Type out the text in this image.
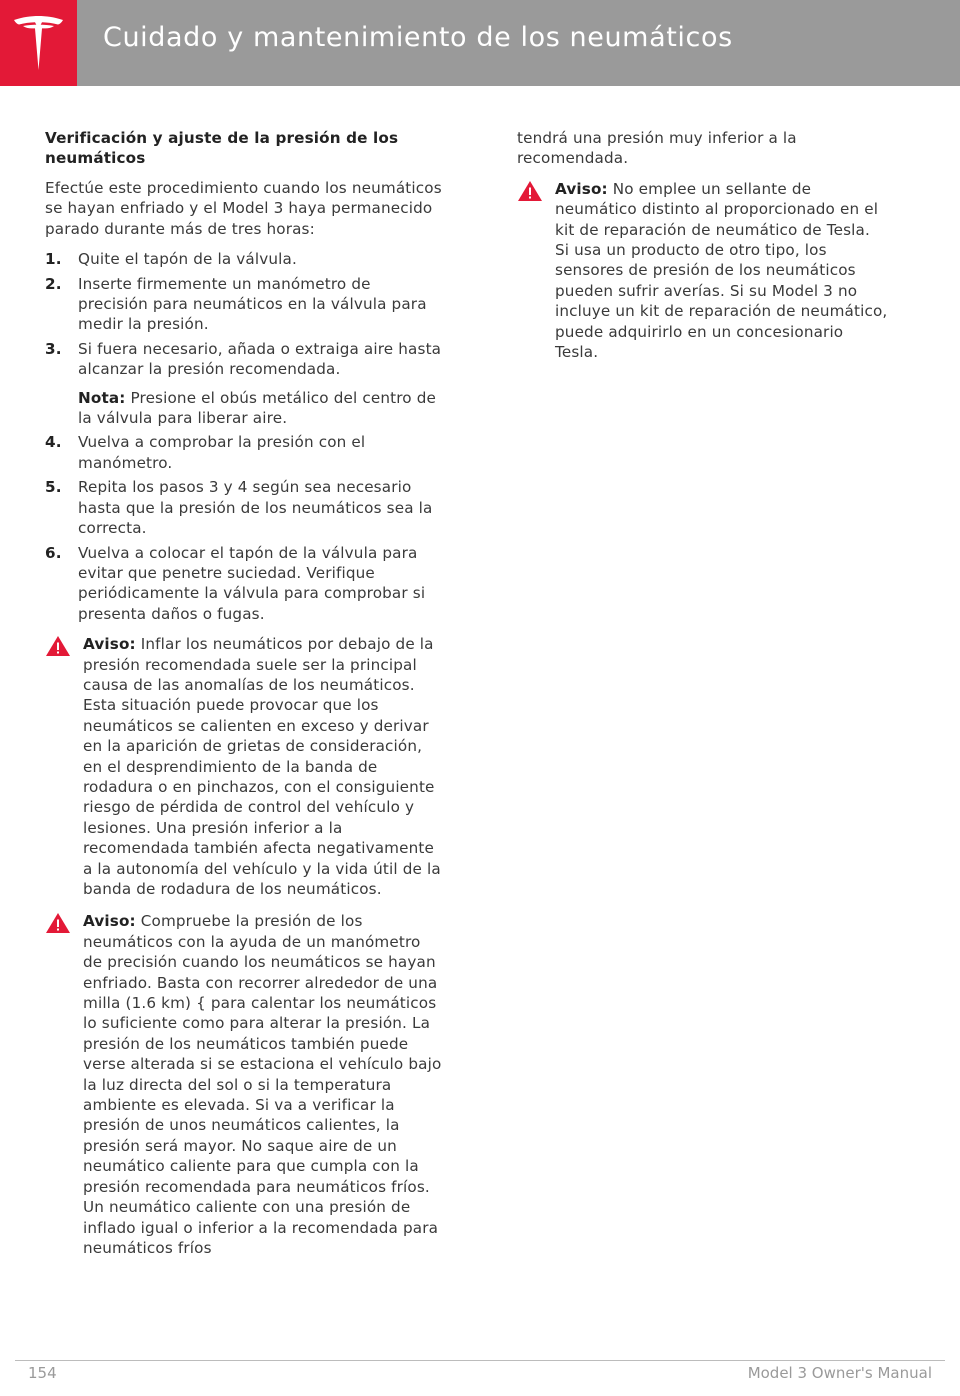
Cuidado y mantenimiento de los neumáticos
Verificación y ajuste de la presión de los neumáticos

Efectúe este procedimiento cuando los neumáticos se hayan enfriado y el Model 3 haya permanecido parado durante más de tres horas:

1. Quite el tapón de la válvula.
2. Inserte firmemente un manómetro de precisión para neumáticos en la válvula para medir la presión.
3. Si fuera necesario, añada o extraiga aire hasta alcanzar la presión recomendada.
Nota: Presione el obús metálico del centro de la válvula para liberar aire.
4. Vuelva a comprobar la presión con el manómetro.
5. Repita los pasos 3 y 4 según sea necesario hasta que la presión de los neumáticos sea la correcta.
6. Vuelva a colocar el tapón de la válvula para evitar que penetre suciedad. Verifique periódicamente la válvula para comprobar si presenta daños o fugas.
Aviso: Inflar los neumáticos por debajo de la presión recomendada suele ser la principal causa de las anomalías de los neumáticos. Esta situación puede provocar que los neumáticos se calienten en exceso y derivar en la aparición de grietas de consideración, en el desprendimiento de la banda de rodadura o en pinchazos, con el consiguiente riesgo de pérdida de control del vehículo y lesiones. Una presión inferior a la recomendada también afecta negativamente a la autonomía del vehículo y la vida útil de la banda de rodadura de los neumáticos.
Aviso: Compruebe la presión de los neumáticos con la ayuda de un manómetro de precisión cuando los neumáticos se hayan enfriado. Basta con recorrer alrededor de una milla (1.6 km) { para calentar los neumáticos lo suficiente como para alterar la presión. La presión de los neumáticos también puede verse alterada si se estaciona el vehículo bajo la luz directa del sol o si la temperatura ambiente es elevada. Si va a verificar la presión de unos neumáticos calientes, la presión será mayor. No saque aire de un neumático caliente para que cumpla con la presión recomendada para neumáticos fríos. Un neumático caliente con una presión de inflado igual o inferior a la recomendada para neumáticos fríos

tendrá una presión muy inferior a la recomendada.

Aviso: No emplee un sellante de neumático distinto al proporcionado en el kit de reparación de neumático de Tesla. Si usa un producto de otro tipo, los sensores de presión de los neumáticos pueden sufrir averías. Si su Model 3 no incluye un kit de reparación de neumático, puede adquirirlo en un concesionario Tesla.
154	Model 3 Owner's Manual
